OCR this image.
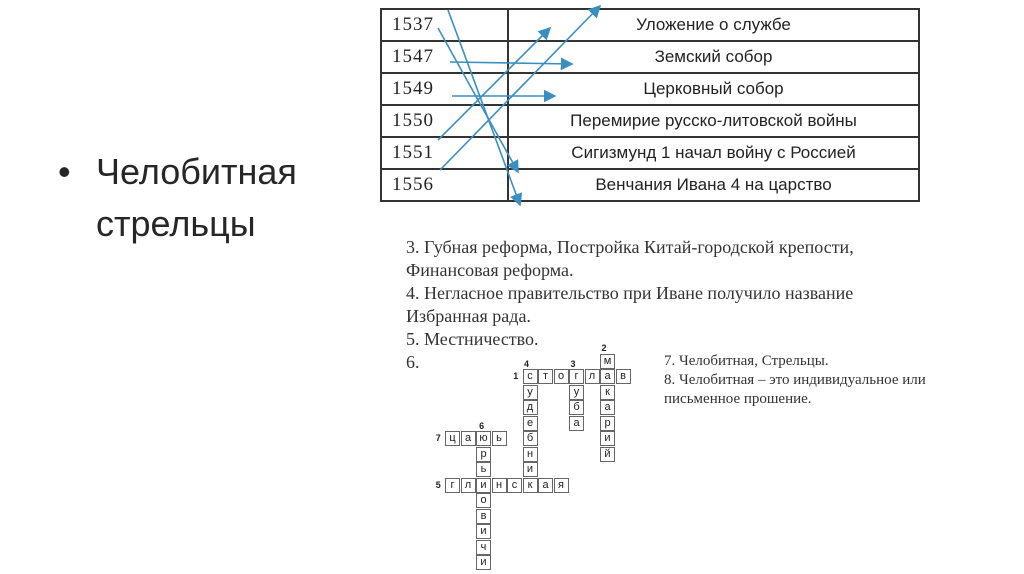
• Челобитная стрельцы
1537	Уложение о службе
1547	Земский собор
1549	Церковный собор
1550	Перемирие русско-литовской войны
1551	Сигизмунд 1 начал войну с Россией
1556	Венчания Ивана 4 на царство

3. Губная реформа, Постройка Китай-городской крепости, Финансовая реформа.

4. Негласное правительство при Иване получило название Избранная рада.

5. Местничество.

6.	7. Челобитная, Стрельцы.

8. Челобитная – это индивидуальное или письменное прошение.

с т о г л а в
м
к
а
р
и
й
у
б
а
у
д
е
б
н
и
к
г л и н с	а я
ю
р
ь
о
в
и
ч
и
ц а	ь
1
2
3
4
5
6
7
